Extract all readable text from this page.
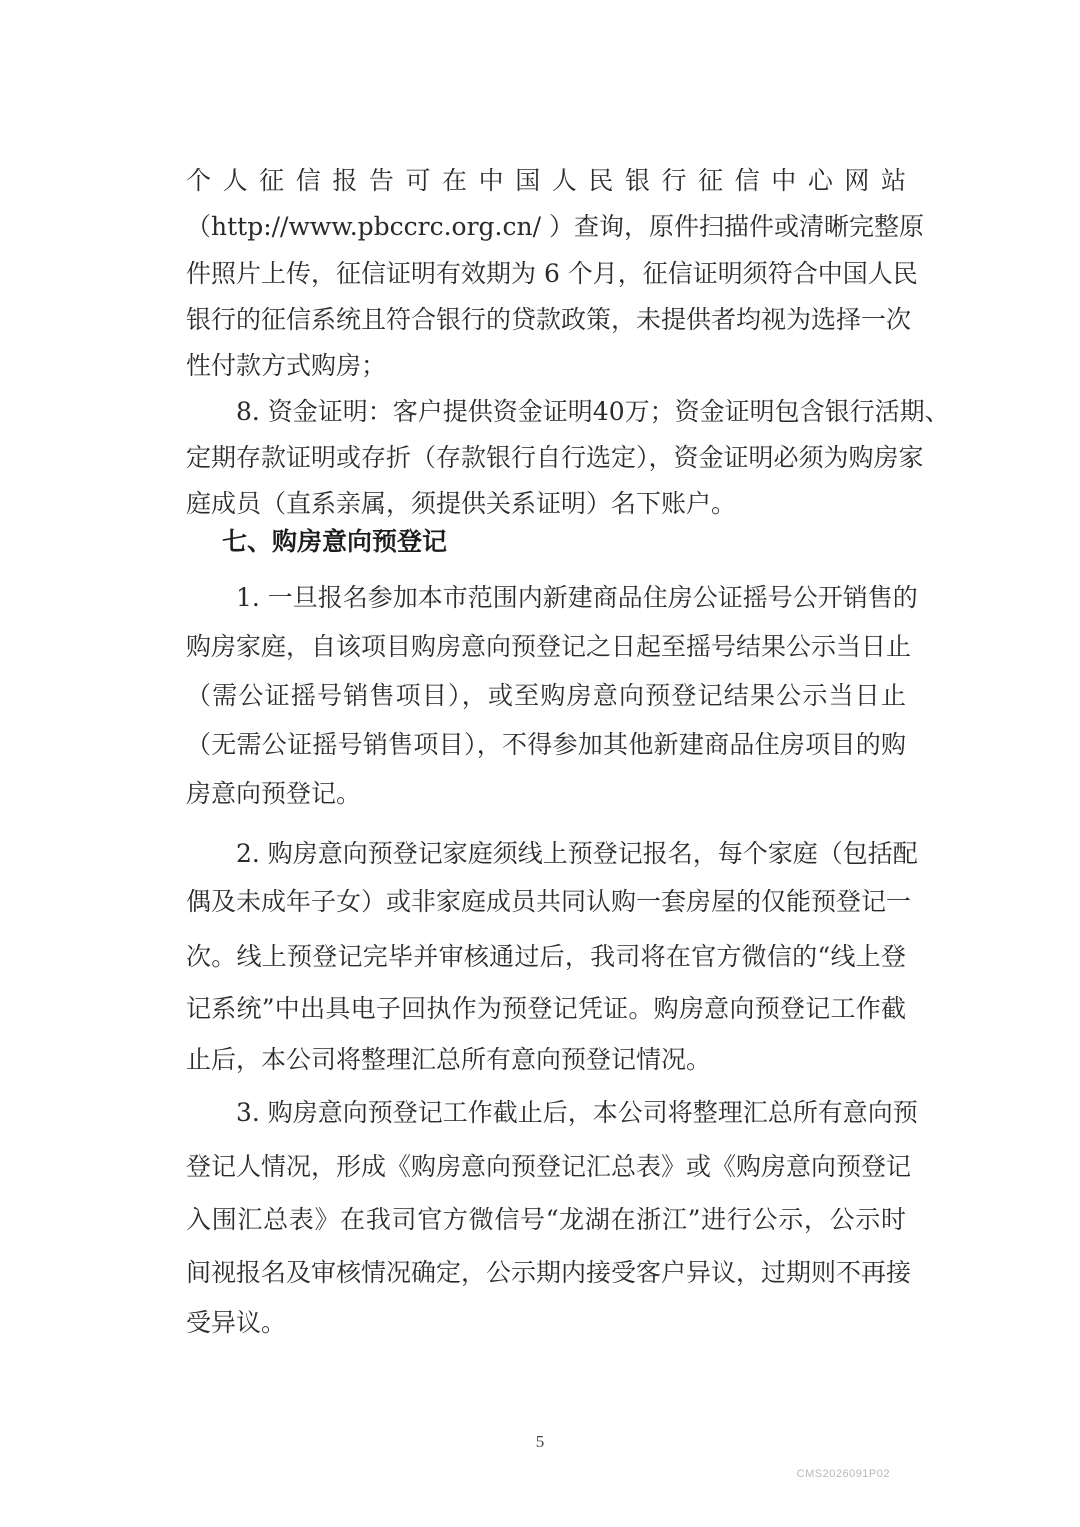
个人征信报告可在中国人民银行征信中心网站
（http://www.pbccrc.org.cn/ ）查询，原件扫描件或清晰完整原
件照片上传，征信证明有效期为 6 个月，征信证明须符合中国人民
银行的征信系统且符合银行的贷款政策，未提供者均视为选择一次
性付款方式购房；
8. 资金证明：客户提供资金证明40万；资金证明包含银行活期、
定期存款证明或存折（存款银行自行选定），资金证明必须为购房家
庭成员（直系亲属，须提供关系证明）名下账户。
七、购房意向预登记
1. 一旦报名参加本市范围内新建商品住房公证摇号公开销售的
购房家庭，自该项目购房意向预登记之日起至摇号结果公示当日止
（需公证摇号销售项目），或至购房意向预登记结果公示当日止
（无需公证摇号销售项目），不得参加其他新建商品住房项目的购
房意向预登记。
2. 购房意向预登记家庭须线上预登记报名，每个家庭（包括配
偶及未成年子女）或非家庭成员共同认购一套房屋的仅能预登记一
次。线上预登记完毕并审核通过后，我司将在官方微信的“线上登
记系统”中出具电子回执作为预登记凭证。购房意向预登记工作截
止后，本公司将整理汇总所有意向预登记情况。
3. 购房意向预登记工作截止后，本公司将整理汇总所有意向预
登记人情况，形成《购房意向预登记汇总表》或《购房意向预登记
入围汇总表》在我司官方微信号“龙湖在浙江”进行公示，公示时
间视报名及审核情况确定，公示期内接受客户异议，过期则不再接
受异议。
5
CMS2026091P02
